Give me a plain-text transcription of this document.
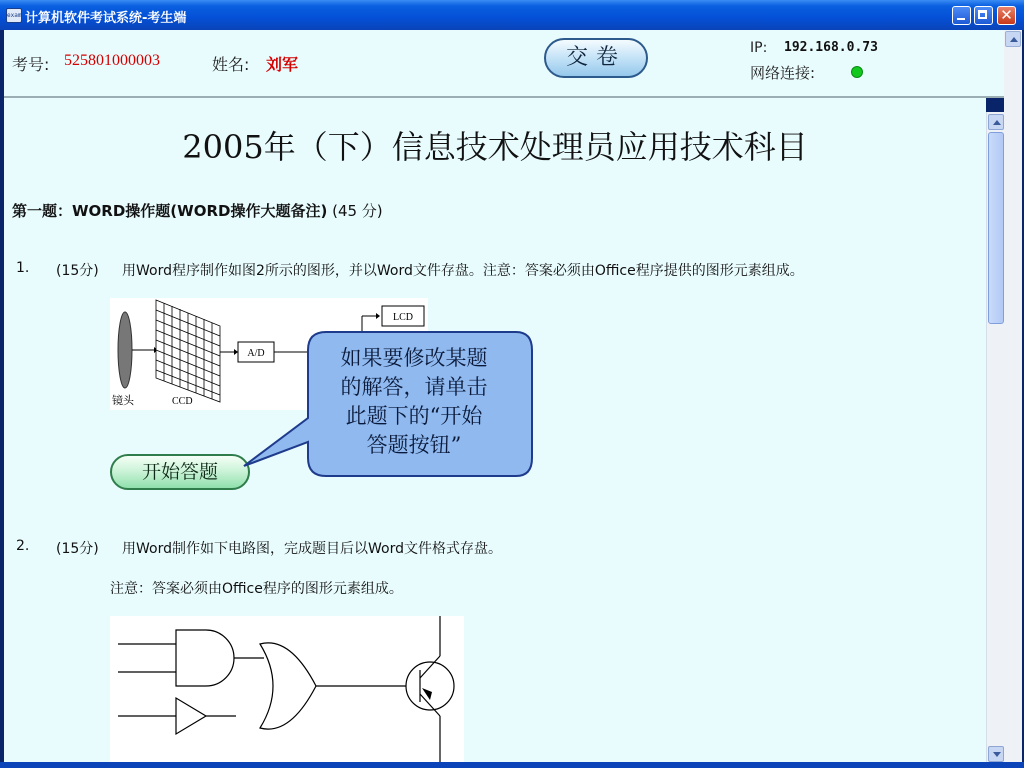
exam 计算机软件考试系统-考生端	✕
考号: 525801000003	姓名: 刘军	交卷	IP: 192.168.0.73
网络连接:
2005年（下）信息技术处理员应用技术科目
第一题：WORD操作题(WORD操作大题备注) (45 分)
1. (15分) 用Word程序制作如图2所示的图形，并以Word文件存盘。注意：答案必须由Office程序提供的图形元素组成。
A/D
LCD
镜头	CCD
开始答题
如果要修改某题
的解答，请单击
此题下的“开始
答题按钮”
2. (15分) 用Word制作如下电路图，完成题目后以Word文件格式存盘。
注意：答案必须由Office程序的图形元素组成。
